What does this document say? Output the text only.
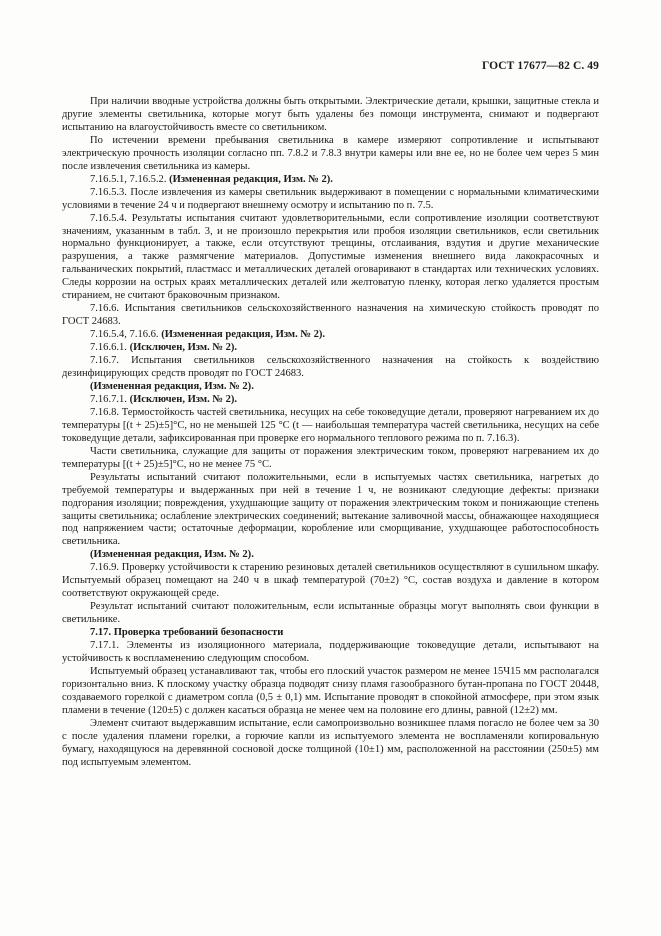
ГОСТ 17677—82 С. 49

При наличии вводные устройства должны быть открытыми. Электрические детали, крышки, защитные стекла и другие элементы светильника, которые могут быть удалены без помощи инструмента, снимают и подвергают испытанию на влагоустойчивость вместе со светильником.

По истечении времени пребывания светильника в камере измеряют сопротивление и испытывают электрическую прочность изоляции согласно пп. 7.8.2 и 7.8.3 внутри камеры или вне ее, но не более чем через 5 мин после извлечения светильника из камеры.

7.16.5.1, 7.16.5.2. (Измененная редакция, Изм. № 2).

7.16.5.3. После извлечения из камеры светильник выдерживают в помещении с нормальными климатическими условиями в течение 24 ч и подвергают внешнему осмотру и испытанию по п. 7.5.

7.16.5.4. Результаты испытания считают удовлетворительными, если сопротивление изоляции соответствуют значениям, указанным в табл. 3, и не произошло перекрытия или пробоя изоляции светильников, если светильник нормально функционирует, а также, если отсутствуют трещины, отслаивания, вздутия и другие механические разрушения, а также размягчение материалов. Допустимые изменения внешнего вида лакокрасочных и гальванических покрытий, пластмасс и металлических деталей оговаривают в стандартах или технических условиях. Следы коррозии на острых краях металлических деталей или желтоватую пленку, которая легко удаляется простым стиранием, не считают браковочным признаком.

7.16.6. Испытания светильников сельскохозяйственного назначения на химическую стойкость проводят по ГОСТ 24683.

7.16.5.4, 7.16.6. (Измененная редакция, Изм. № 2).

7.16.6.1. (Исключен, Изм. № 2).

7.16.7. Испытания светильников сельскохозяйственного назначения на стойкость к воздействию дезинфицирующих средств проводят по ГОСТ 24683.

(Измененная редакция, Изм. № 2).

7.16.7.1. (Исключен, Изм. № 2).

7.16.8. Термостойкость частей светильника, несущих на себе токоведущие детали, проверяют нагреванием их до температуры [(t + 25)±5]°С, но не меньшей 125 °С (t — наибольшая температура частей светильника, несущих на себе токоведущие детали, зафиксированная при проверке его нормального теплового режима по п. 7.16.3).

Части светильника, служащие для защиты от поражения электрическим током, проверяют нагреванием их до температуры [(t + 25)±5]°С, но не менее 75 °С.

Результаты испытаний считают положительными, если в испытуемых частях светильника, нагретых до требуемой температуры и выдержанных при ней в течение 1 ч, не возникают следующие дефекты: признаки подгорания изоляции; повреждения, ухудшающие защиту от поражения электрическим током и понижающие степень защиты светильника; ослабление электрических соединений; вытекание заливочной массы, обнажающее находящиеся под напряжением части; остаточные деформации, коробление или сморщивание, ухудшающее работоспособность светильника.

(Измененная редакция, Изм. № 2).

7.16.9. Проверку устойчивости к старению резиновых деталей светильников осуществляют в сушильном шкафу. Испытуемый образец помещают на 240 ч в шкаф температурой (70±2) °С, состав воздуха и давление в котором соответствуют окружающей среде.

Результат испытаний считают положительным, если испытанные образцы могут выполнять свои функции в светильнике.

7.17. Проверка требований безопасности

7.17.1. Элементы из изоляционного материала, поддерживающие токоведущие детали, испытывают на устойчивость к воспламенению следующим способом.

Испытуемый образец устанавливают так, чтобы его плоский участок размером не менее 15Ч15 мм располагался горизонтально вниз. К плоскому участку образца подводят снизу пламя газообразного бутан-пропана по ГОСТ 20448, создаваемого горелкой с диаметром сопла (0,5 ± 0,1) мм. Испытание проводят в спокойной атмосфере, при этом язык пламени в течение (120±5) с должен касаться образца не менее чем на половине его длины, равной (12±2) мм.

Элемент считают выдержавшим испытание, если самопроизвольно возникшее пламя погасло не более чем за 30 с после удаления пламени горелки, а горючие капли из испытуемого элемента не воспламеняли копировальную бумагу, находящуюся на деревянной сосновой доске толщиной (10±1) мм, расположенной на расстоянии (250±5) мм под испытуемым элементом.
